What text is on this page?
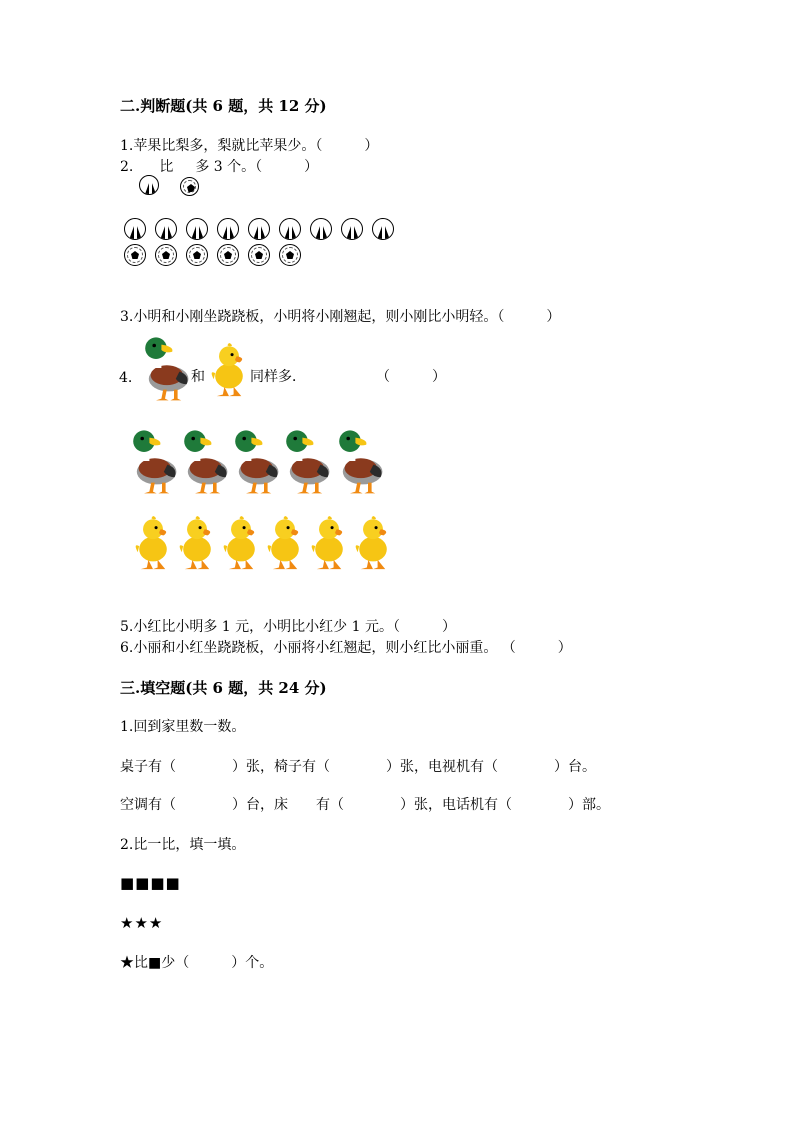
二.判断题(共 6 题，共 12 分)
1.苹果比梨多，梨就比苹果少。（　　　）
2. 比 多 3 个。（　　　）
3.小明和小刚坐跷跷板，小明将小刚翘起，则小刚比小明轻。（　　　）
4.	和	同样多．　　　　　　（　　　）
5.小红比小明多 1 元，小明比小红少 1 元。（　　　）
6.小丽和小红坐跷跷板，小丽将小红翘起，则小红比小丽重。 （　　　）
三.填空题(共 6 题，共 24 分)
1.回到家里数一数。
桌子有（　　　　）张，椅子有（　　　　）张，电视机有（　　　　）台。
空调有（　　　　）台，床　　有（　　　　）张，电话机有（　　　　）部。
2.比一比，填一填。
■■■■
★★★
★比■少（　　　）个。
